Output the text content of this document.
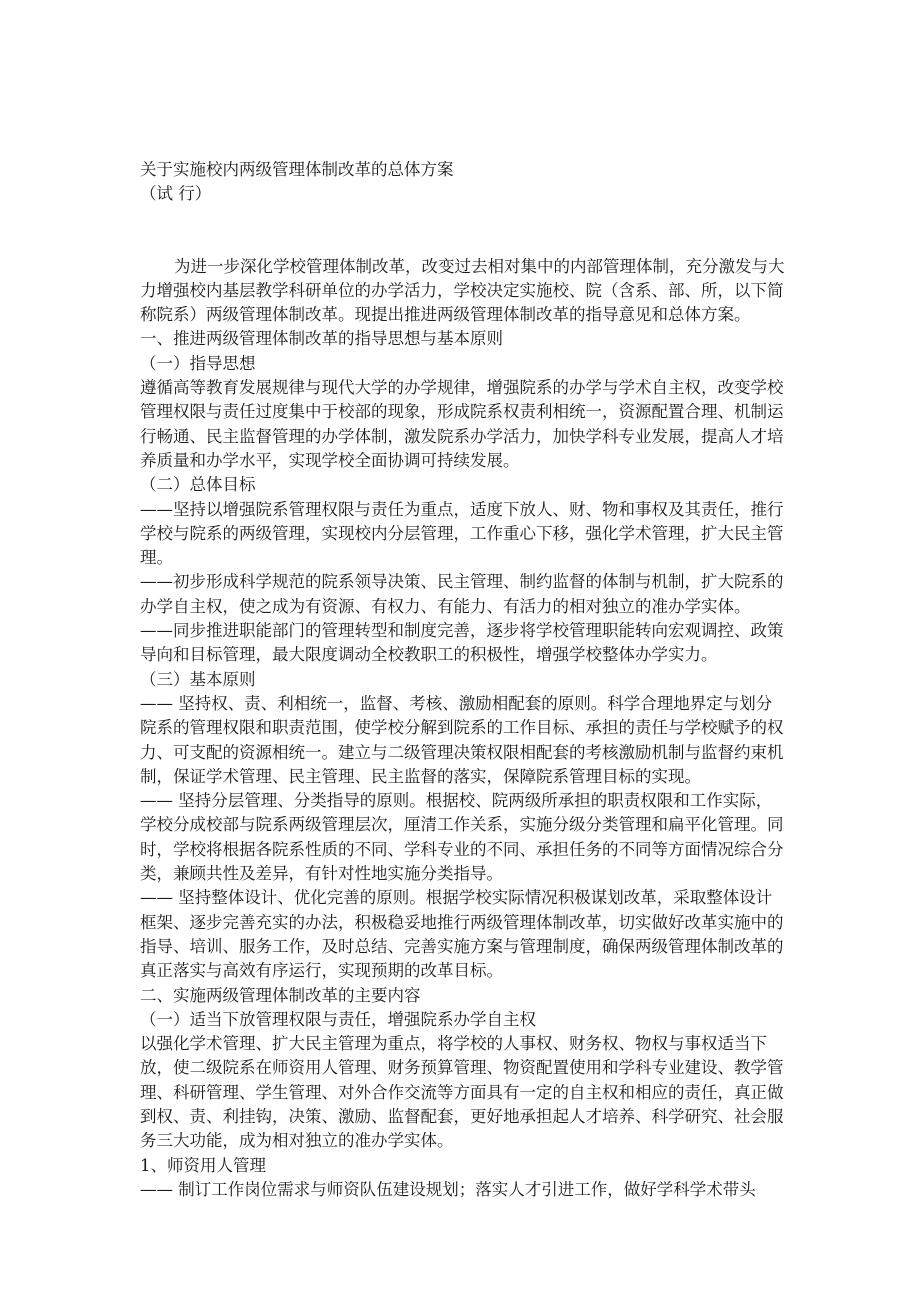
关于实施校内两级管理体制改革的总体方案

（试 行）

为进一步深化学校管理体制改革，改变过去相对集中的内部管理体制，充分激发与大力增强校内基层教学科研单位的办学活力，学校决定实施校、院（含系、部、所，以下简称院系）两级管理体制改革。现提出推进两级管理体制改革的指导意见和总体方案。

一、推进两级管理体制改革的指导思想与基本原则

（一）指导思想

遵循高等教育发展规律与现代大学的办学规律，增强院系的办学与学术自主权，改变学校管理权限与责任过度集中于校部的现象，形成院系权责利相统一，资源配置合理、机制运行畅通、民主监督管理的办学体制，激发院系办学活力，加快学科专业发展，提高人才培养质量和办学水平，实现学校全面协调可持续发展。

（二）总体目标

——坚持以增强院系管理权限与责任为重点，适度下放人、财、物和事权及其责任，推行学校与院系的两级管理，实现校内分层管理，工作重心下移，强化学术管理，扩大民主管理。

——初步形成科学规范的院系领导决策、民主管理、制约监督的体制与机制，扩大院系的办学自主权，使之成为有资源、有权力、有能力、有活力的相对独立的准办学实体。

——同步推进职能部门的管理转型和制度完善，逐步将学校管理职能转向宏观调控、政策导向和目标管理，最大限度调动全校教职工的积极性，增强学校整体办学实力。

（三）基本原则

—— 坚持权、责、利相统一，监督、考核、激励相配套的原则。科学合理地界定与划分院系的管理权限和职责范围，使学校分解到院系的工作目标、承担的责任与学校赋予的权力、可支配的资源相统一。建立与二级管理决策权限相配套的考核激励机制与监督约束机制，保证学术管理、民主管理、民主监督的落实，保障院系管理目标的实现。

—— 坚持分层管理、分类指导的原则。根据校、院两级所承担的职责权限和工作实际，学校分成校部与院系两级管理层次，厘清工作关系，实施分级分类管理和扁平化管理。同时，学校将根据各院系性质的不同、学科专业的不同、承担任务的不同等方面情况综合分类，兼顾共性及差异，有针对性地实施分类指导。

—— 坚持整体设计、优化完善的原则。根据学校实际情况积极谋划改革，采取整体设计框架、逐步完善充实的办法，积极稳妥地推行两级管理体制改革，切实做好改革实施中的指导、培训、服务工作，及时总结、完善实施方案与管理制度，确保两级管理体制改革的真正落实与高效有序运行，实现预期的改革目标。

二、实施两级管理体制改革的主要内容

（一）适当下放管理权限与责任，增强院系办学自主权

以强化学术管理、扩大民主管理为重点，将学校的人事权、财务权、物权与事权适当下放，使二级院系在师资用人管理、财务预算管理、物资配置使用和学科专业建设、教学管理、科研管理、学生管理、对外合作交流等方面具有一定的自主权和相应的责任，真正做到权、责、利挂钩，决策、激励、监督配套，更好地承担起人才培养、科学研究、社会服务三大功能，成为相对独立的准办学实体。

1、师资用人管理

—— 制订工作岗位需求与师资队伍建设规划；落实人才引进工作，做好学科学术带头
